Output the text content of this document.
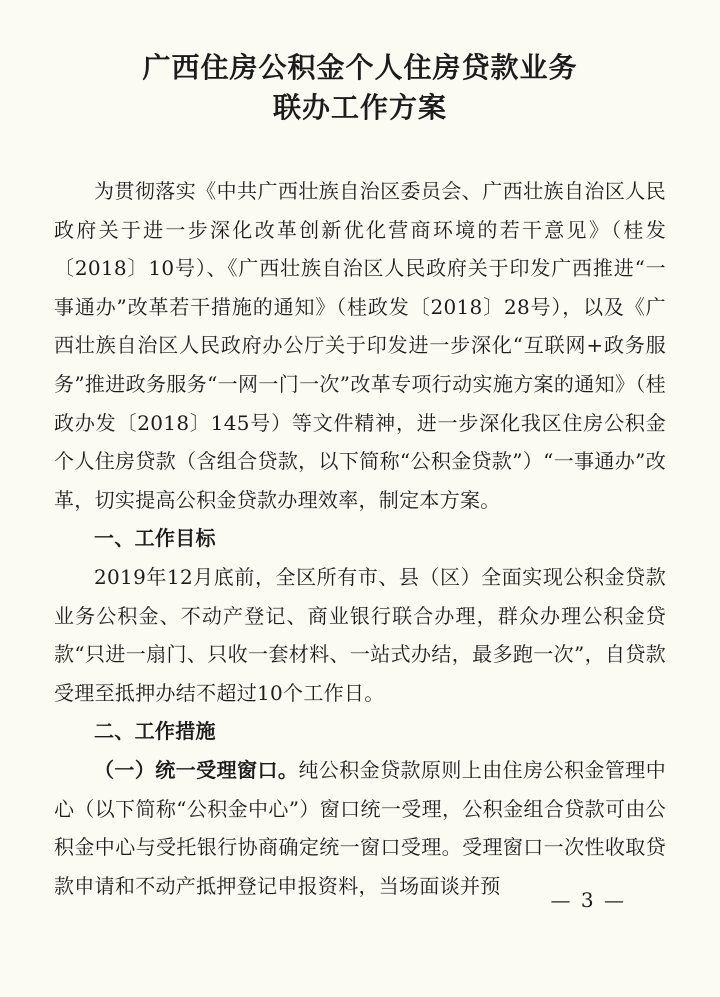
广西住房公积金个人住房贷款业务
联办工作方案

为贯彻落实《中共广西壮族自治区委员会、广西壮族自治区人民政府关于进一步深化改革创新优化营商环境的若干意见》（桂发〔2018〕10号）、《广西壮族自治区人民政府关于印发广西推进“一事通办”改革若干措施的通知》（桂政发〔2018〕28号），以及《广西壮族自治区人民政府办公厅关于印发进一步深化“互联网+政务服务”推进政务服务“一网一门一次”改革专项行动实施方案的通知》（桂政办发〔2018〕145号）等文件精神，进一步深化我区住房公积金个人住房贷款（含组合贷款，以下简称“公积金贷款”）“一事通办”改革，切实提高公积金贷款办理效率，制定本方案。

一、工作目标

2019年12月底前，全区所有市、县（区）全面实现公积金贷款业务公积金、不动产登记、商业银行联合办理，群众办理公积金贷款“只进一扇门、只收一套材料、一站式办结，最多跑一次”，自贷款受理至抵押办结不超过10个工作日。

二、工作措施

（一）统一受理窗口。纯公积金贷款原则上由住房公积金管理中心（以下简称“公积金中心”）窗口统一受理，公积金组合贷款可由公积金中心与受托银行协商确定统一窗口受理。受理窗口一次性收取贷款申请和不动产抵押登记申报资料，当场面谈并预

— 3 —
